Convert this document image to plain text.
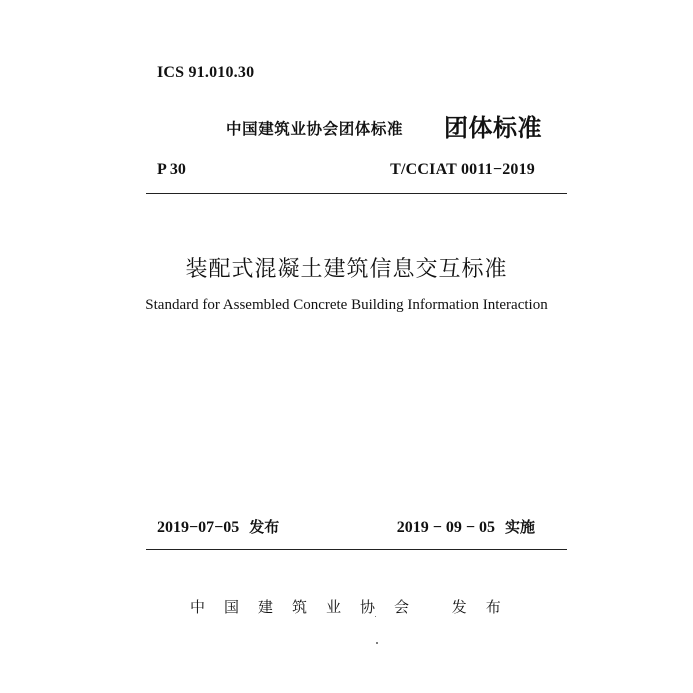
ICS 91.010.30
中国建筑业协会团体标准 团体标准
P 30	T/CCIAT 0011−2019
装配式混凝土建筑信息交互标准
Standard for Assembled Concrete Building Information Interaction
2019−07−05 发布	2019 − 09 − 05 实施
中国建筑业协会 发布
